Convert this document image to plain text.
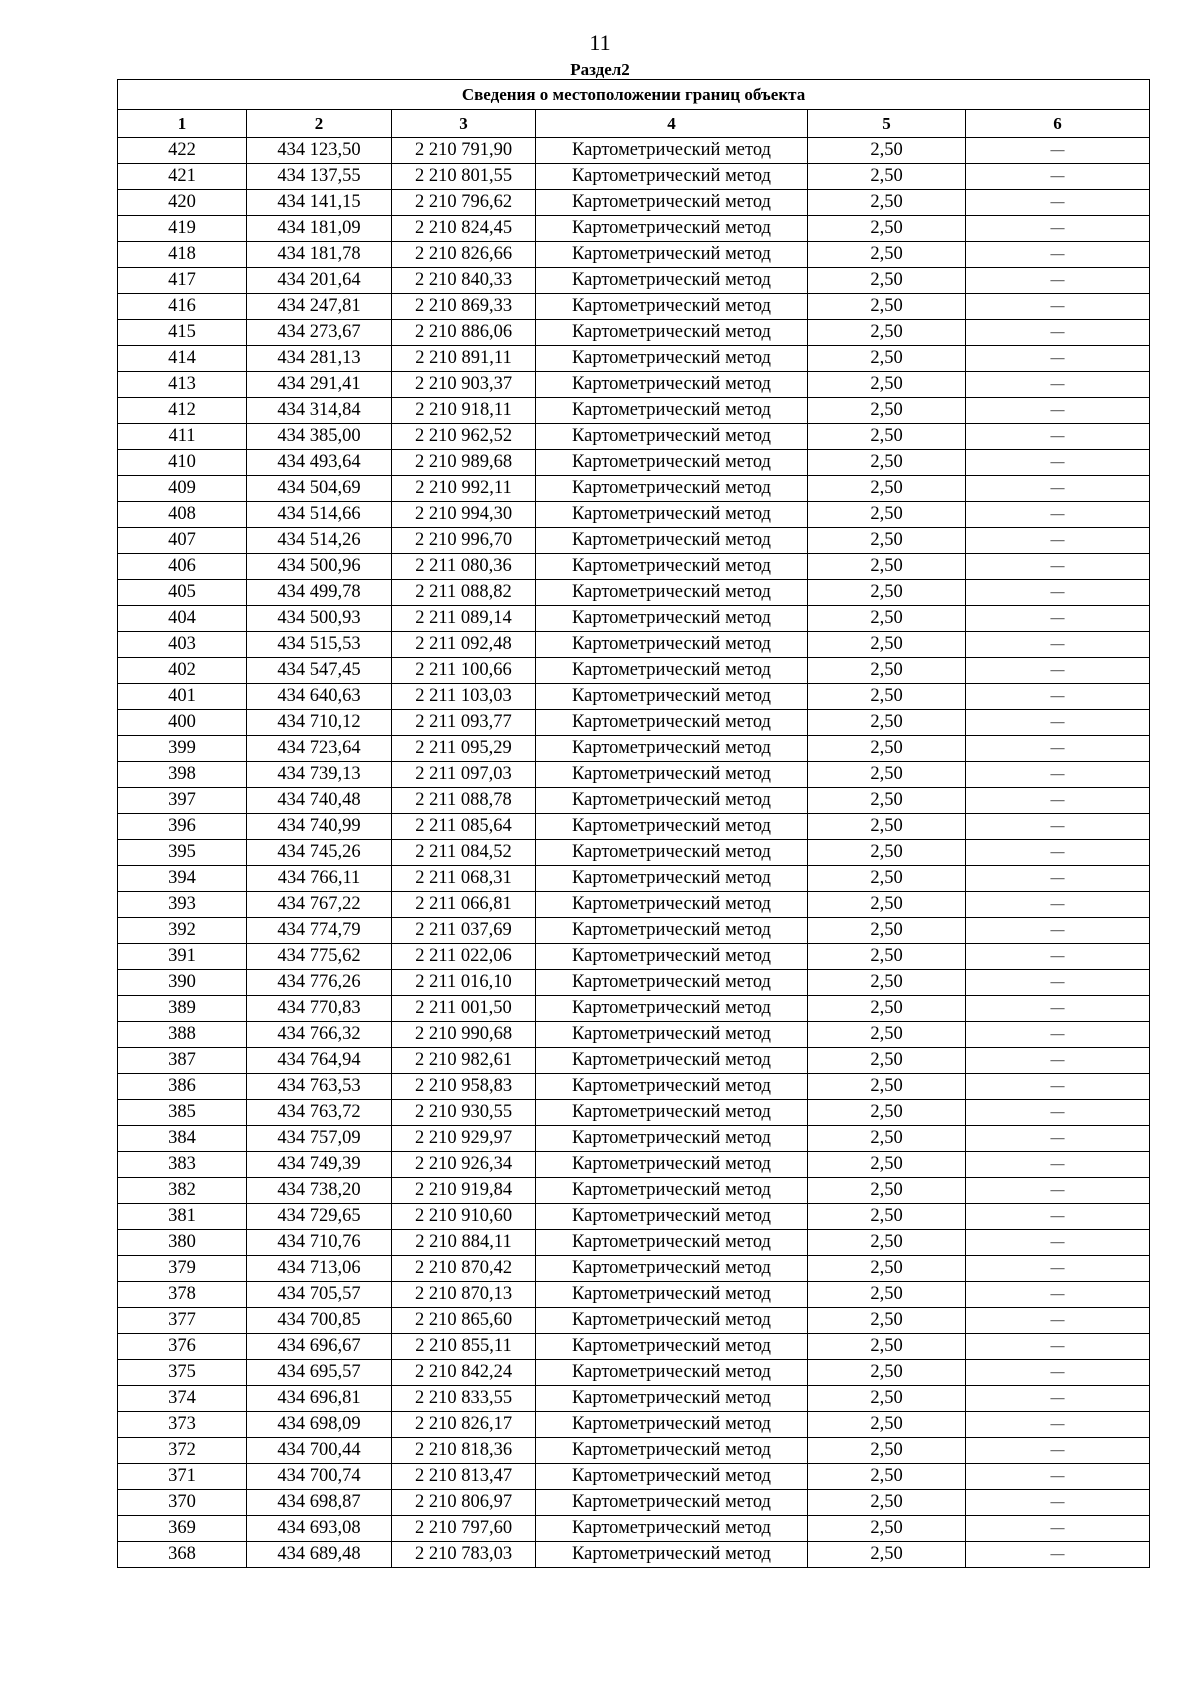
11
Раздел2
Сведения о местоположении границ объекта					
1	2	3	4	5	6
422	434 123,50	2 210 791,90	Картометрический метод	2,50	—
421	434 137,55	2 210 801,55	Картометрический метод	2,50	—
420	434 141,15	2 210 796,62	Картометрический метод	2,50	—
419	434 181,09	2 210 824,45	Картометрический метод	2,50	—
418	434 181,78	2 210 826,66	Картометрический метод	2,50	—
417	434 201,64	2 210 840,33	Картометрический метод	2,50	—
416	434 247,81	2 210 869,33	Картометрический метод	2,50	—
415	434 273,67	2 210 886,06	Картометрический метод	2,50	—
414	434 281,13	2 210 891,11	Картометрический метод	2,50	—
413	434 291,41	2 210 903,37	Картометрический метод	2,50	—
412	434 314,84	2 210 918,11	Картометрический метод	2,50	—
411	434 385,00	2 210 962,52	Картометрический метод	2,50	—
410	434 493,64	2 210 989,68	Картометрический метод	2,50	—
409	434 504,69	2 210 992,11	Картометрический метод	2,50	—
408	434 514,66	2 210 994,30	Картометрический метод	2,50	—
407	434 514,26	2 210 996,70	Картометрический метод	2,50	—
406	434 500,96	2 211 080,36	Картометрический метод	2,50	—
405	434 499,78	2 211 088,82	Картометрический метод	2,50	—
404	434 500,93	2 211 089,14	Картометрический метод	2,50	—
403	434 515,53	2 211 092,48	Картометрический метод	2,50	—
402	434 547,45	2 211 100,66	Картометрический метод	2,50	—
401	434 640,63	2 211 103,03	Картометрический метод	2,50	—
400	434 710,12	2 211 093,77	Картометрический метод	2,50	—
399	434 723,64	2 211 095,29	Картометрический метод	2,50	—
398	434 739,13	2 211 097,03	Картометрический метод	2,50	—
397	434 740,48	2 211 088,78	Картометрический метод	2,50	—
396	434 740,99	2 211 085,64	Картометрический метод	2,50	—
395	434 745,26	2 211 084,52	Картометрический метод	2,50	—
394	434 766,11	2 211 068,31	Картометрический метод	2,50	—
393	434 767,22	2 211 066,81	Картометрический метод	2,50	—
392	434 774,79	2 211 037,69	Картометрический метод	2,50	—
391	434 775,62	2 211 022,06	Картометрический метод	2,50	—
390	434 776,26	2 211 016,10	Картометрический метод	2,50	—
389	434 770,83	2 211 001,50	Картометрический метод	2,50	—
388	434 766,32	2 210 990,68	Картометрический метод	2,50	—
387	434 764,94	2 210 982,61	Картометрический метод	2,50	—
386	434 763,53	2 210 958,83	Картометрический метод	2,50	—
385	434 763,72	2 210 930,55	Картометрический метод	2,50	—
384	434 757,09	2 210 929,97	Картометрический метод	2,50	—
383	434 749,39	2 210 926,34	Картометрический метод	2,50	—
382	434 738,20	2 210 919,84	Картометрический метод	2,50	—
381	434 729,65	2 210 910,60	Картометрический метод	2,50	—
380	434 710,76	2 210 884,11	Картометрический метод	2,50	—
379	434 713,06	2 210 870,42	Картометрический метод	2,50	—
378	434 705,57	2 210 870,13	Картометрический метод	2,50	—
377	434 700,85	2 210 865,60	Картометрический метод	2,50	—
376	434 696,67	2 210 855,11	Картометрический метод	2,50	—
375	434 695,57	2 210 842,24	Картометрический метод	2,50	—
374	434 696,81	2 210 833,55	Картометрический метод	2,50	—
373	434 698,09	2 210 826,17	Картометрический метод	2,50	—
372	434 700,44	2 210 818,36	Картометрический метод	2,50	—
371	434 700,74	2 210 813,47	Картометрический метод	2,50	—
370	434 698,87	2 210 806,97	Картометрический метод	2,50	—
369	434 693,08	2 210 797,60	Картометрический метод	2,50	—
368	434 689,48	2 210 783,03	Картометрический метод	2,50	—
